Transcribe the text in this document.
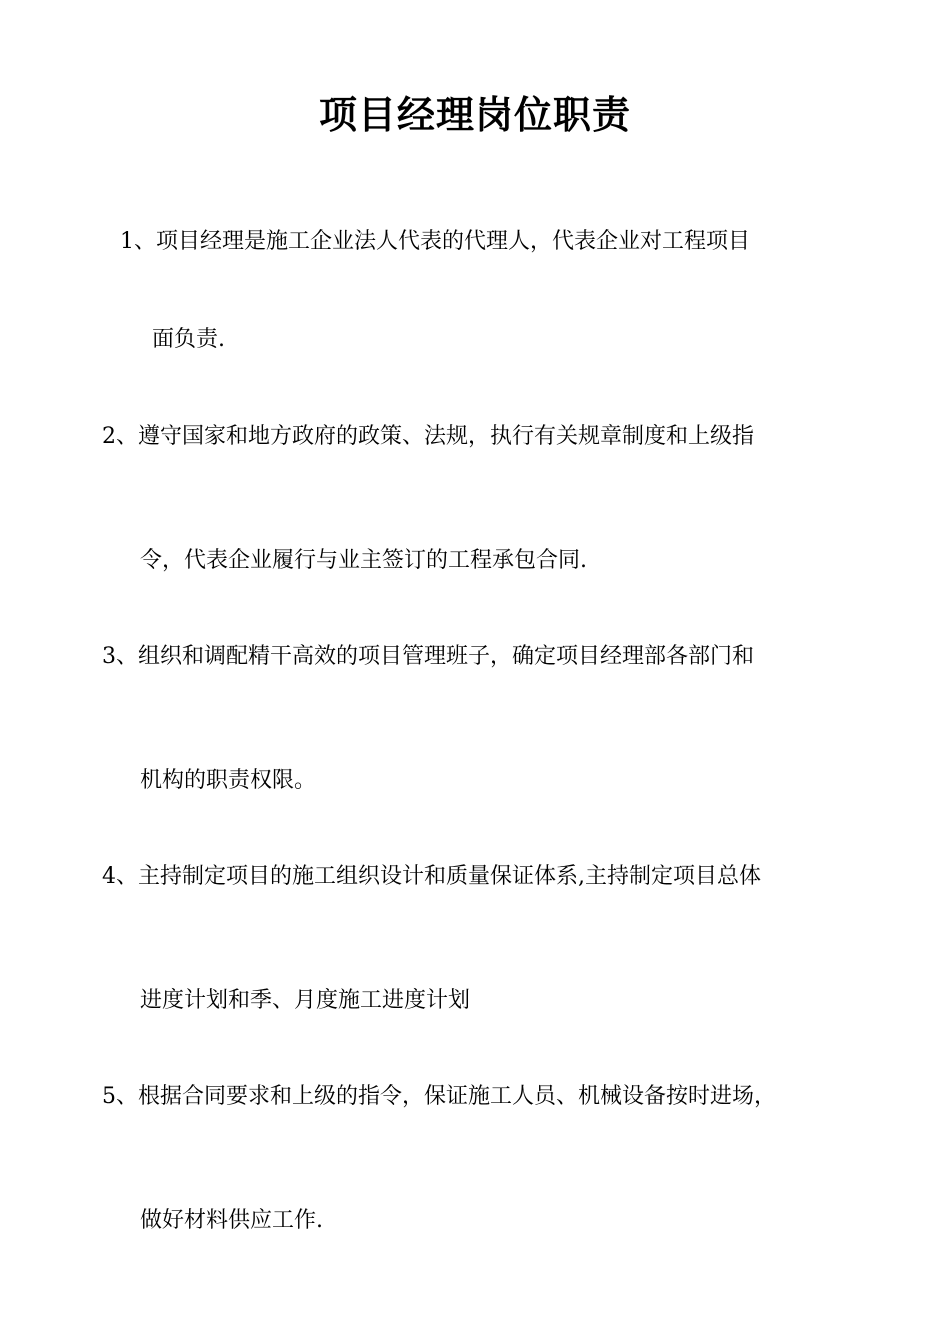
项目经理岗位职责

1、项目经理是施工企业法人代表的代理人，代表企业对工程项目

面负责.

2、遵守国家和地方政府的政策、法规，执行有关规章制度和上级指

令，代表企业履行与业主签订的工程承包合同.

3、组织和调配精干高效的项目管理班子，确定项目经理部各部门和

机构的职责权限。

4、主持制定项目的施工组织设计和质量保证体系,主持制定项目总体

进度计划和季、月度施工进度计划

5、根据合同要求和上级的指令，保证施工人员、机械设备按时进场，

做好材料供应工作.
